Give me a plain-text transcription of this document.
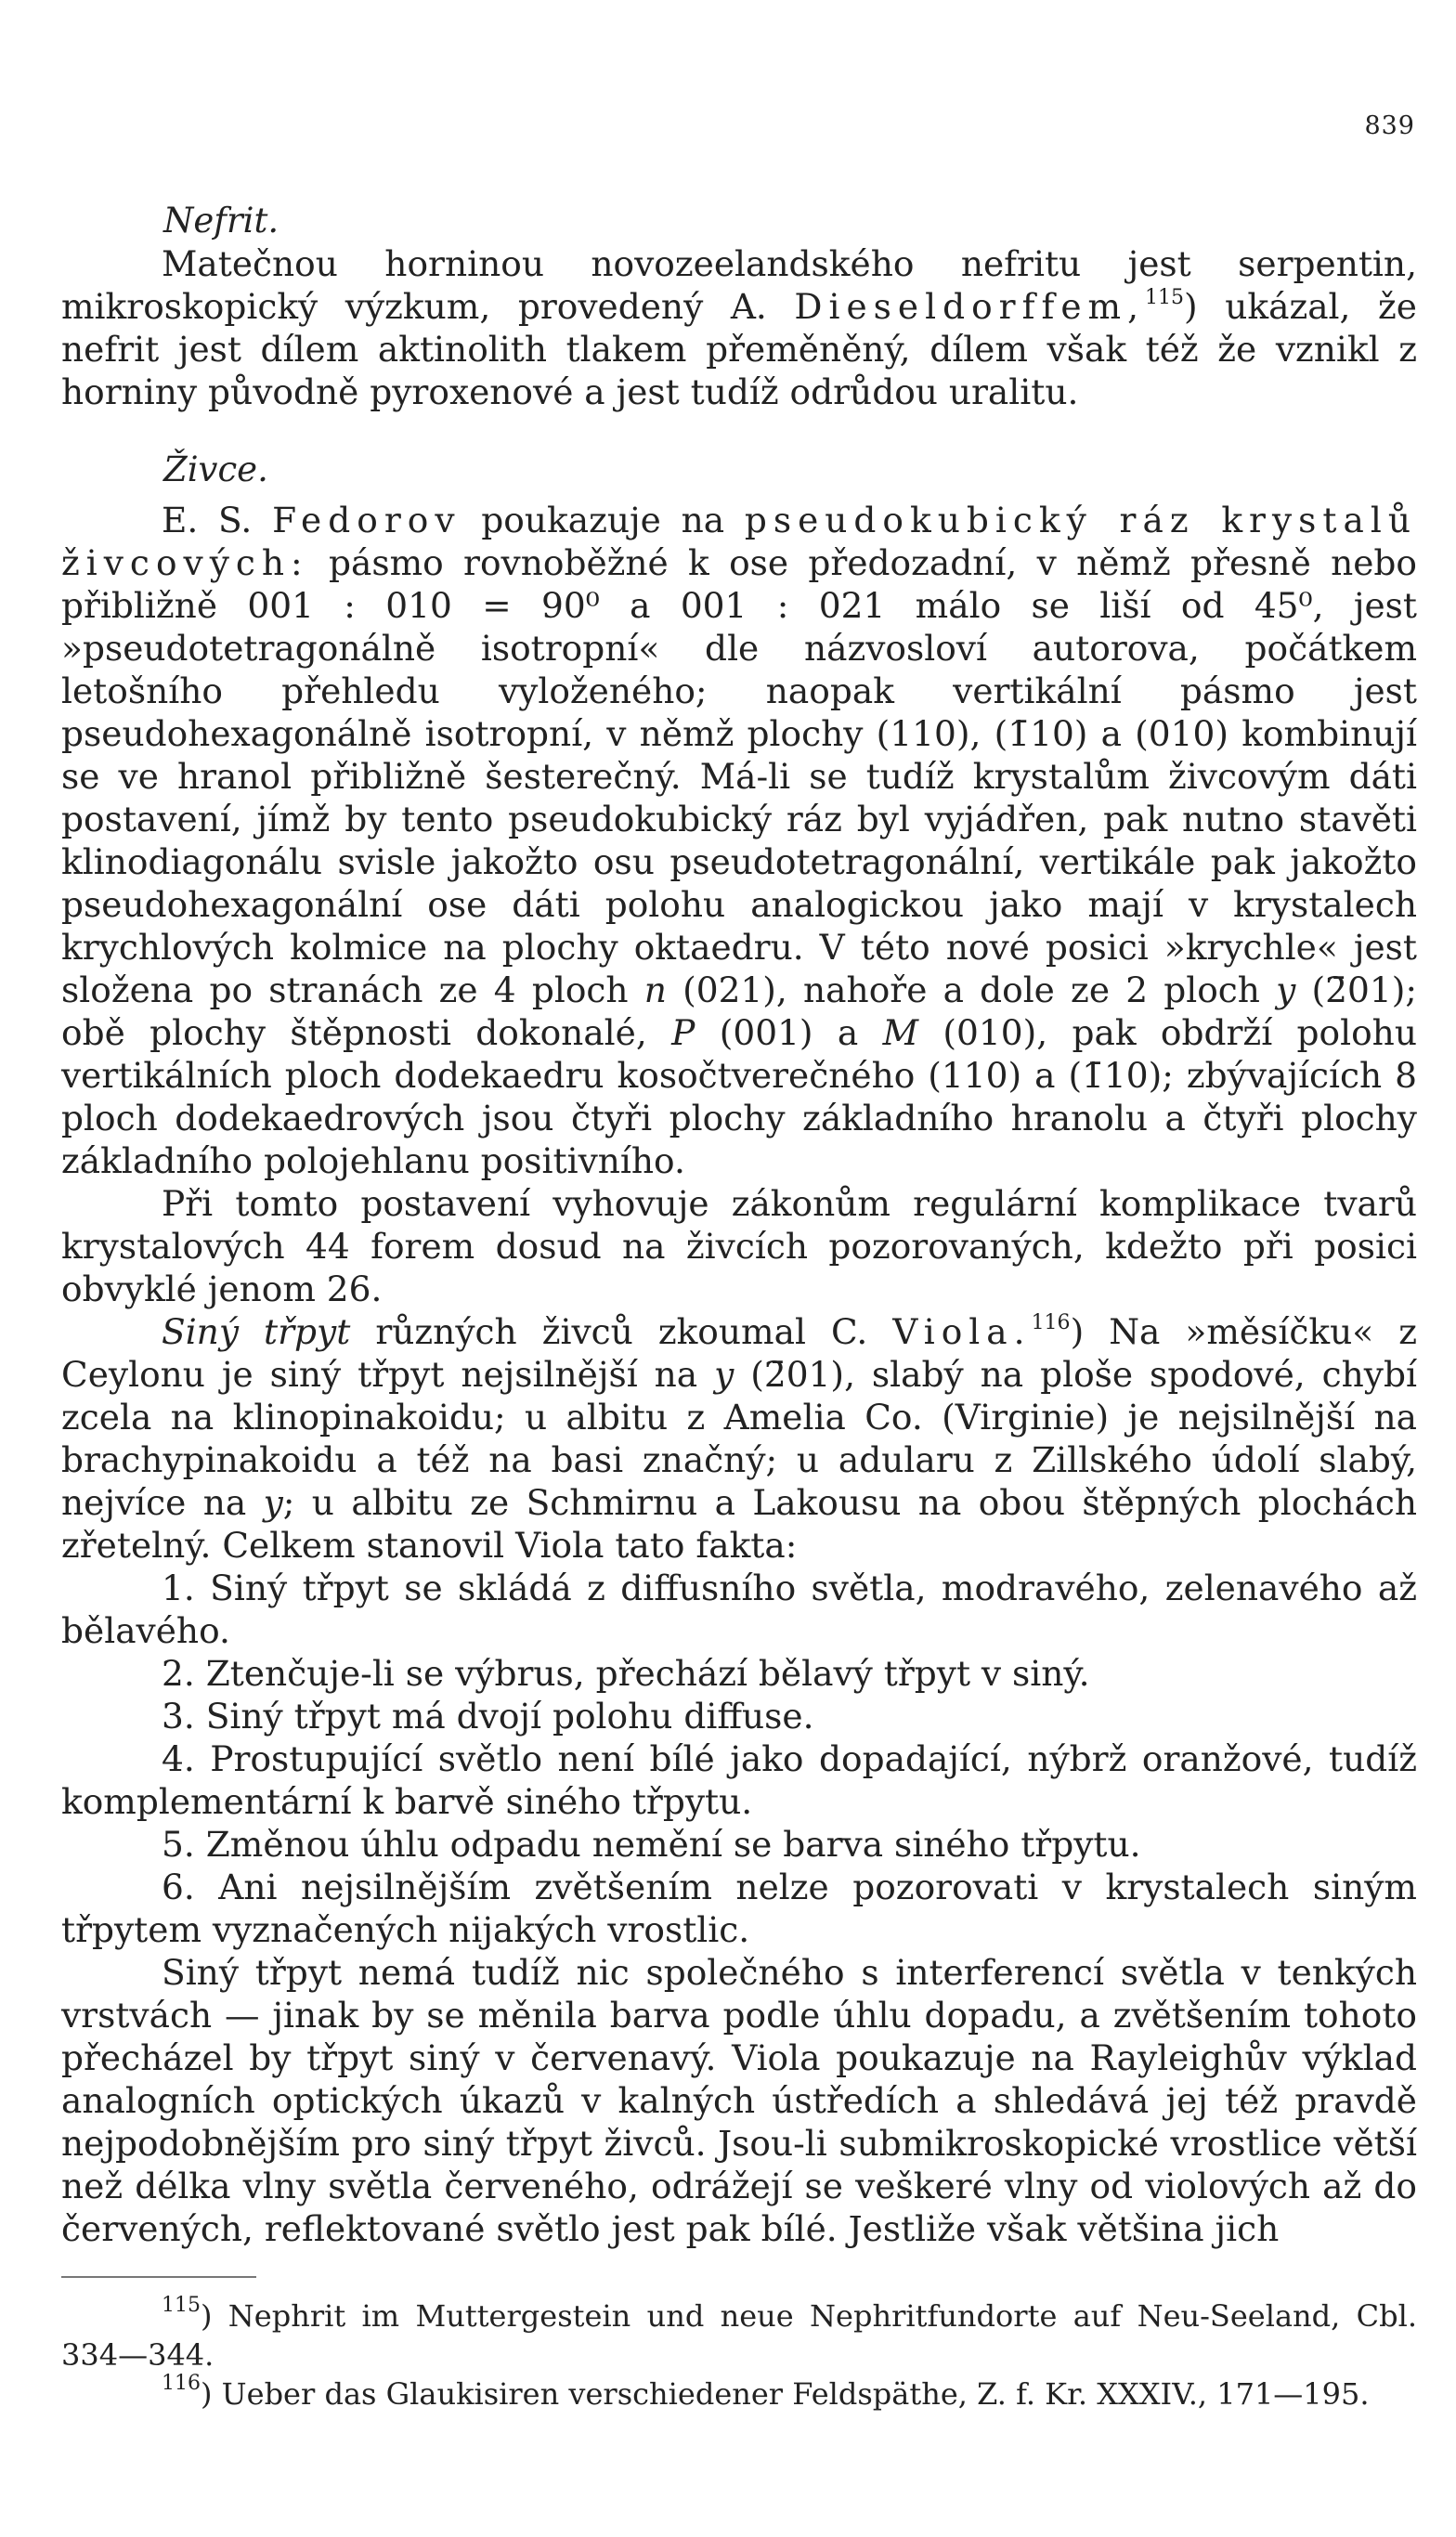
839
Nefrit.

Matečnou horninou novozeelandského nefritu jest serpentin, mikroskopický výzkum, provedený A. Dieseldorffem,$^{115}$) ukázal, že nefrit jest dílem aktinolith tlakem přeměněný, dílem však též že vznikl z horniny původně pyroxenové a jest tudíž odrůdou uralitu.

Živce.

E. S. Fedorov poukazuje na pseudokubický ráz krystalů živcových: pásmo rovnoběžné k ose předozadní, v němž přesně nebo přibližně 001 : 010 = 90⁰ a 001 : 021 málo se liší od 45⁰, jest »pseudotetragonálně isotropní« dle názvosloví autorova, počátkem letošního přehledu vyloženého; naopak vertikální pásmo jest pseudohexagonálně isotropní, v němž plochy (110), (1̄10) a (010) kombinují se ve hranol přibližně šesterečný. Má-li se tudíž krystalům živcovým dáti postavení, jímž by tento pseudokubický ráz byl vyjádřen, pak nutno stavěti klinodiagonálu svisle jakožto osu pseudotetragonální, vertikále pak jakožto pseudohexagonální ose dáti polohu analogickou jako mají v krystalech krychlových kolmice na plochy oktaedru. V této nové posici »krychle« jest složena po stranách ze 4 ploch n (021), nahoře a dole ze 2 ploch y (2̄01); obě plochy štěpnosti dokonalé, P (001) a M (010), pak obdrží polohu vertikálních ploch dodekaedru kosočtverečného (110) a (1̄10); zbývajících 8 ploch dodekaedrových jsou čtyři plochy základního hranolu a čtyři plochy základního polojehlanu positivního.

Při tomto postavení vyhovuje zákonům regulární komplikace tvarů krystalových 44 forem dosud na živcích pozorovaných, kdežto při posici obvyklé jenom 26.

Siný třpyt různých živců zkoumal C. Viola.$^{116}$) Na »měsíčku« z Ceylonu je siný třpyt nejsilnější na y (2̄01), slabý na ploše spodové, chybí zcela na klinopinakoidu; u albitu z Amelia Co. (Virginie) je nejsilnější na brachypinakoidu a též na basi značný; u adularu z Zillského údolí slabý, nejvíce na y; u albitu ze Schmirnu a Lakousu na obou štěpných plochách zřetelný. Celkem stanovil Viola tato fakta:

1. Siný třpyt se skládá z diffusního světla, modravého, zelenavého až bělavého.

2. Ztenčuje-li se výbrus, přechází bělavý třpyt v siný.

3. Siný třpyt má dvojí polohu diffuse.

4. Prostupující světlo není bílé jako dopadající, nýbrž oranžové, tudíž komplementární k barvě siného třpytu.

5. Změnou úhlu odpadu nemění se barva siného třpytu.

6. Ani nejsilnějším zvětšením nelze pozorovati v krystalech siným třpytem vyznačených nijakých vrostlic.

Siný třpyt nemá tudíž nic společného s interferencí světla v tenkých vrstvách — jinak by se měnila barva podle úhlu dopadu, a zvětšením tohoto přecházel by třpyt siný v červenavý. Viola poukazuje na Rayleighův výklad analogních optických úkazů v kalných ústředích a shledává jej též pravdě nejpodobnějším pro siný třpyt živců. Jsou-li submikroskopické vrostlice větší než délka vlny světla červeného, odrážejí se veškeré vlny od violových až do červených, reflektované světlo jest pak bílé. Jestliže však většina jich

$^{115}$) Nephrit im Muttergestein und neue Nephritfundorte auf Neu-Seeland, Cbl. 334—344.

$^{116}$) Ueber das Glaukisiren verschiedener Feldspäthe, Z. f. Kr. XXXIV., 171—195.
